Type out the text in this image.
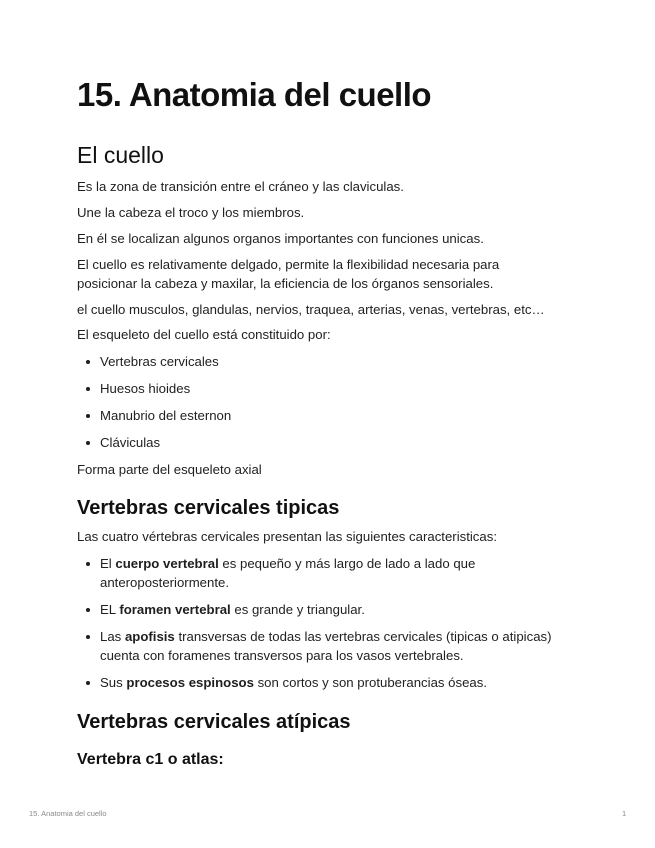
15. Anatomia del cuello
El cuello

Es la zona de transición entre el cráneo y las claviculas.

Une la cabeza el troco y los miembros.

En él se localizan algunos organos importantes con funciones unicas.

El cuello es relativamente delgado, permite la flexibilidad necesaria para posicionar la cabeza y maxilar, la eficiencia de los órganos sensoriales.

el cuello musculos, glandulas, nervios, traquea, arterias, venas, vertebras, etc…

El esqueleto del cuello está constituido por:

Vertebras cervicales
Huesos hioides
Manubrio del esternon
Cláviculas

Forma parte del esqueleto axial

Vertebras cervicales tipicas

Las cuatro vértebras cervicales presentan las siguientes caracteristicas:

El cuerpo vertebral es pequeño y más largo de lado a lado que anteroposteriormente.
EL foramen vertebral es grande y triangular.
Las apofisis transversas de todas las vertebras cervicales (tipicas o atipicas) cuenta con foramenes transversos para los vasos vertebrales.
Sus procesos espinosos son cortos y son protuberancias óseas.
Vertebras cervicales atípicas
Vertebra c1 o atlas:
15. Anatomia del cuello	1
